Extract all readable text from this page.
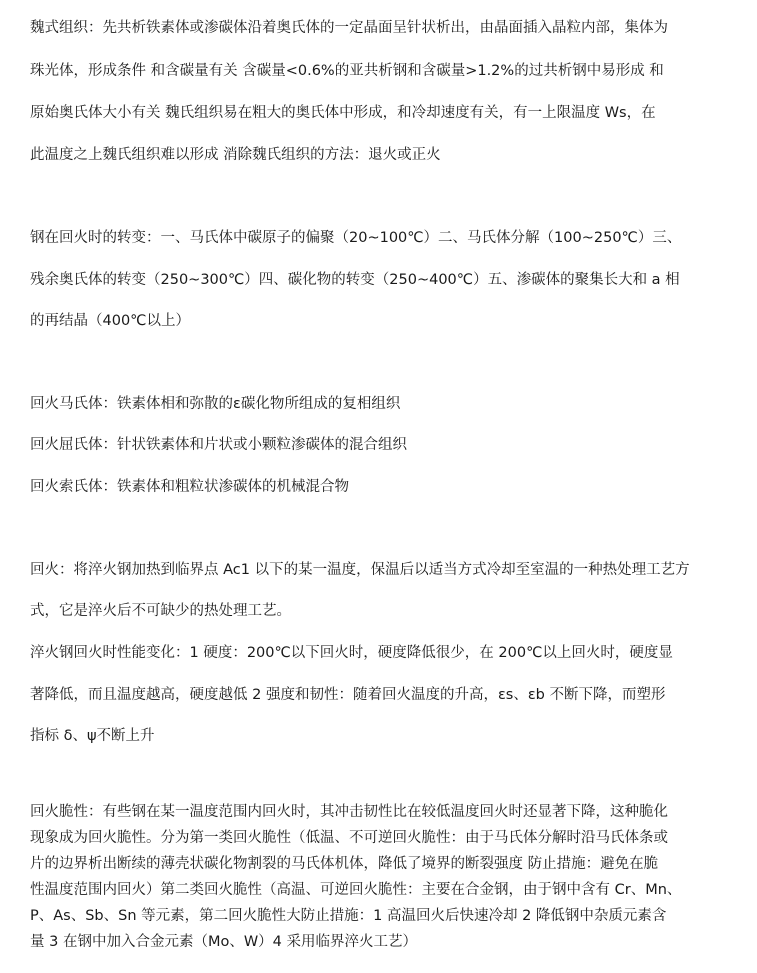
魏式组织：先共析铁素体或渗碳体沿着奥氏体的一定晶面呈针状析出，由晶面插入晶粒内部，集体为
珠光体，形成条件 和含碳量有关 含碳量<0.6%的亚共析钢和含碳量>1.2%的过共析钢中易形成 和
原始奥氏体大小有关 魏氏组织易在粗大的奥氏体中形成，和冷却速度有关，有一上限温度 Ws，在
此温度之上魏氏组织难以形成 消除魏氏组织的方法：退火或正火
钢在回火时的转变：一、马氏体中碳原子的偏聚（20~100℃）二、马氏体分解（100~250℃）三、
残余奥氏体的转变（250~300℃）四、碳化物的转变（250~400℃）五、渗碳体的聚集长大和 a 相
的再结晶（400℃以上）
回火马氏体：铁素体相和弥散的ε碳化物所组成的复相组织
回火屈氏体：针状铁素体和片状或小颗粒渗碳体的混合组织
回火索氏体：铁素体和粗粒状渗碳体的机械混合物
回火：将淬火钢加热到临界点 Ac1 以下的某一温度，保温后以适当方式冷却至室温的一种热处理工艺方
式，它是淬火后不可缺少的热处理工艺。
淬火钢回火时性能变化：1 硬度：200℃以下回火时，硬度降低很少，在 200℃以上回火时，硬度显
著降低，而且温度越高，硬度越低 2 强度和韧性：随着回火温度的升高，εs、εb 不断下降，而塑形
指标 δ、ψ不断上升
回火脆性：有些钢在某一温度范围内回火时，其冲击韧性比在较低温度回火时还显著下降，这种脆化
现象成为回火脆性。分为第一类回火脆性（低温、不可逆回火脆性：由于马氏体分解时沿马氏体条或
片的边界析出断续的薄壳状碳化物割裂的马氏体机体，降低了境界的断裂强度 防止措施：避免在脆
性温度范围内回火）第二类回火脆性（高温、可逆回火脆性：主要在合金钢，由于钢中含有 Cr、Mn、
P、As、Sb、Sn 等元素，第二回火脆性大防止措施：1 高温回火后快速冷却 2 降低钢中杂质元素含
量 3 在钢中加入合金元素（Mo、W）4 采用临界淬火工艺）
